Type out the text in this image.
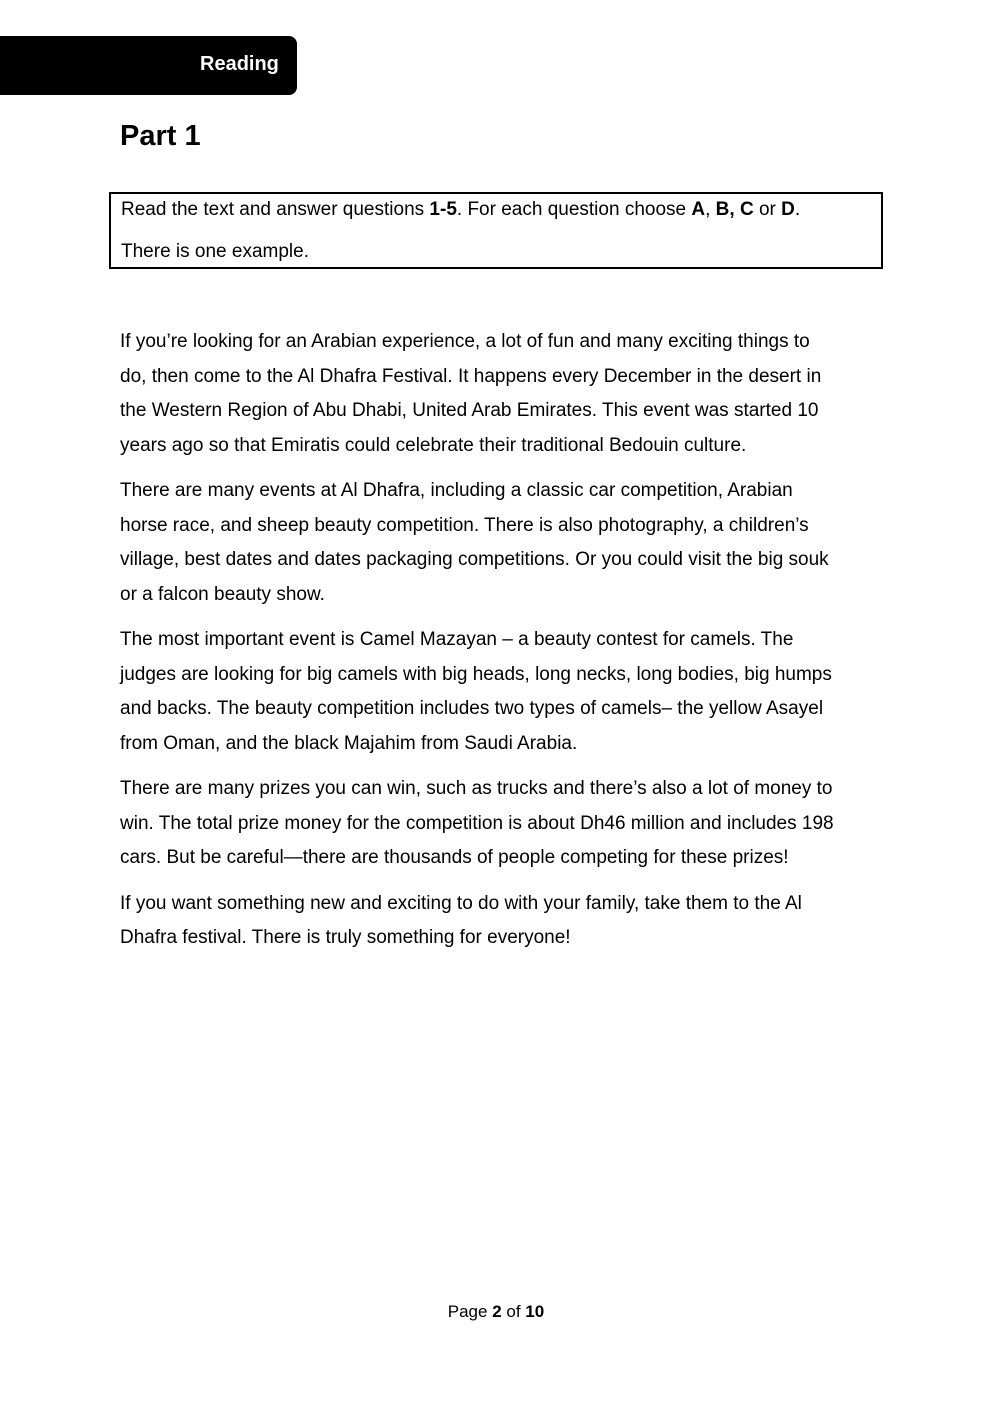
Reading
Part 1
Read the text and answer questions 1-5. For each question choose A, B, C or D.
There is one example.

If you’re looking for an Arabian experience, a lot of fun and many exciting things to
do, then come to the Al Dhafra Festival. It happens every December in the desert in
the Western Region of Abu Dhabi, United Arab Emirates. This event was started 10
years ago so that Emiratis could celebrate their traditional Bedouin culture.

There are many events at Al Dhafra, including a classic car competition, Arabian
horse race, and sheep beauty competition. There is also photography, a children’s
village, best dates and dates packaging competitions. Or you could visit the big souk
or a falcon beauty show.

The most important event is Camel Mazayan – a beauty contest for camels. The
judges are looking for big camels with big heads, long necks, long bodies, big humps
and backs. The beauty competition includes two types of camels– the yellow Asayel
from Oman, and the black Majahim from Saudi Arabia.

There are many prizes you can win, such as trucks and there’s also a lot of money to
win. The total prize money for the competition is about Dh46 million and includes 198
cars. But be careful—there are thousands of people competing for these prizes!

If you want something new and exciting to do with your family, take them to the Al
Dhafra festival. There is truly something for everyone!

Page 2 of 10
